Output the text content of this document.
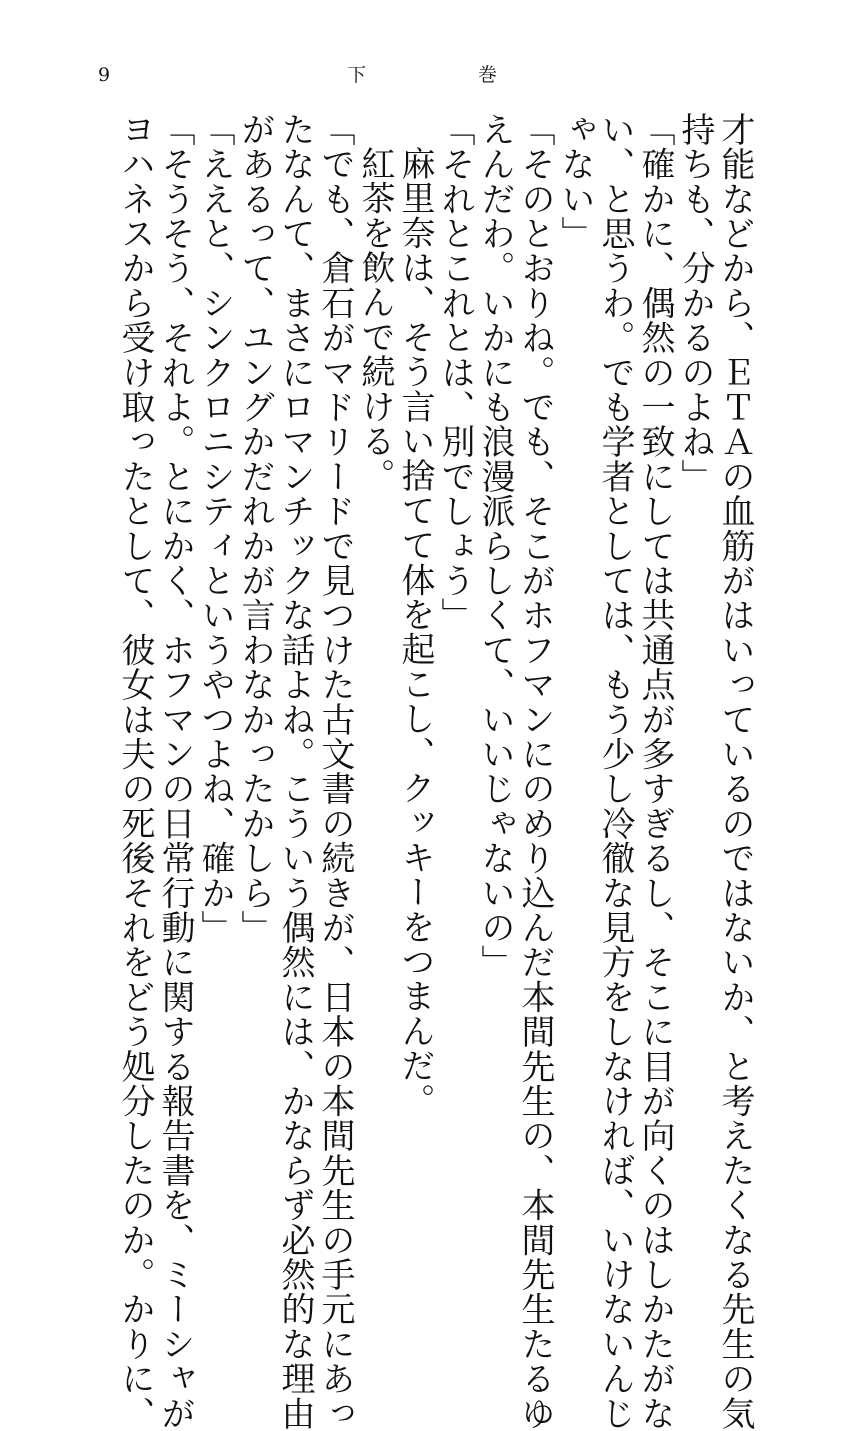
9	下	巻
才能などから、ＥＴＡの血筋がはいっているのではないか、と考えたくなる先生の気
持ちも、分かるのよね」
「確かに、偶然の一致にしては共通点が多すぎるし、そこに目が向くのはしかたがな
い、と思うわ。でも学者としては、もう少し冷徹な見方をしなければ、いけないんじ
ゃない」
「そのとおりね。でも、そこがホフマンにのめり込んだ本間先生の、本間先生たるゆ
えんだわ。いかにも浪漫派らしくて、いいじゃないの」
「それとこれとは、別でしょう」
麻里奈は、そう言い捨てて体を起こし、クッキーをつまんだ。
紅茶を飲んで続ける。
「でも、倉石がマドリードで見つけた古文書の続きが、日本の本間先生の手元にあっ
たなんて、まさにロマンチックな話よね。こういう偶然には、かならず必然的な理由
があるって、ユングかだれかが言わなかったかしら」
「ええと、シンクロニシティというやつよね、確か」
「そうそう、それよ。とにかく、ホフマンの日常行動に関する報告書を、ミーシャが
ヨハネスから受け取ったとして、彼女は夫の死後それをどう処分したのか。かりに、
